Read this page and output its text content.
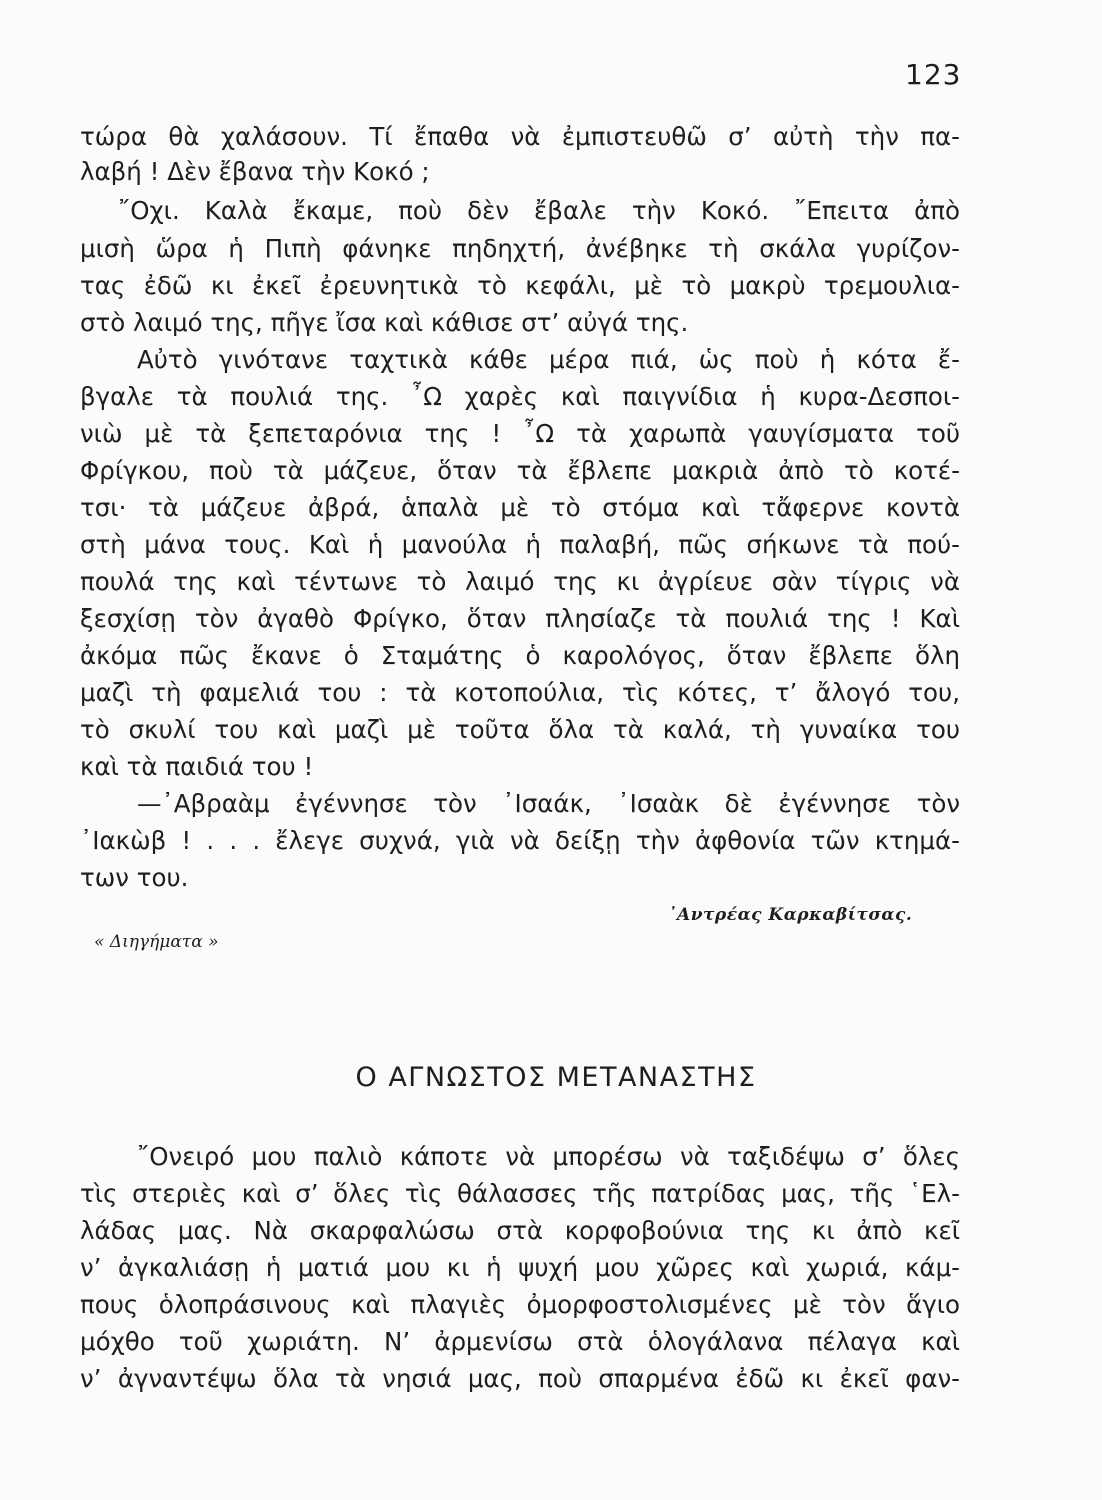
123
τώρα θὰ χαλάσουν. Τί ἔπαθα νὰ ἐμπιστευθῶ σ’ αὐτὴ τὴν πα-
λαβή ! Δὲν ἔβανα τὴν Κοκό ;
῎Οχι. Καλὰ ἔκαμε, ποὺ δὲν ἔβαλε τὴν Κοκό. ῎Επειτα ἀπὸ
μισὴ ὥρα ἡ Πιπὴ φάνηκε πηδηχτή, ἀνέβηκε τὴ σκάλα γυρίζον-
τας ἐδῶ κι ἐκεῖ ἐρευνητικὰ τὸ κεφάλι, μὲ τὸ μακρὺ τρεμουλια-
στὸ λαιμό της, πῆγε ἴσα καὶ κάθισε στ’ αὐγά της.
Αὐτὸ γινότανε ταχτικὰ κάθε μέρα πιά, ὡς ποὺ ἡ κότα ἔ-
βγαλε τὰ πουλιά της. ῏Ω χαρὲς καὶ παιγνίδια ἡ κυρα-Δεσποι-
νιὼ μὲ τὰ ξεπεταρόνια της ! ῏Ω τὰ χαρωπὰ γαυγίσματα τοῦ
Φρίγκου, ποὺ τὰ μάζευε, ὅταν τὰ ἔβλεπε μακριὰ ἀπὸ τὸ κοτέ-
τσι· τὰ μάζευε ἀβρά, ἁπαλὰ μὲ τὸ στόμα καὶ τἄφερνε κοντὰ
στὴ μάνα τους. Καὶ ἡ μανούλα ἡ παλαβή, πῶς σήκωνε τὰ πού-
πουλά της καὶ τέντωνε τὸ λαιμό της κι ἀγρίευε σὰν τίγρις νὰ
ξεσχίσῃ τὸν ἀγαθὸ Φρίγκο, ὅταν πλησίαζε τὰ πουλιά της ! Καὶ
ἀκόμα πῶς ἔκανε ὁ Σταμάτης ὁ καρολόγος, ὅταν ἔβλεπε ὅλη
μαζὶ τὴ φαμελιά του : τὰ κοτοπούλια, τὶς κότες, τ’ ἄλογό του,
τὸ σκυλί του καὶ μαζὶ μὲ τοῦτα ὅλα τὰ καλά, τὴ γυναίκα του
καὶ τὰ παιδιά του !
—᾿Αβραὰμ ἐγέννησε τὸν ᾿Ισαάκ, ᾿Ισαὰκ δὲ ἐγέννησε τὸν
᾿Ιακὼβ ! . . . ἔλεγε συχνά, γιὰ νὰ δείξῃ τὴν ἀφθονία τῶν κτημά-
των του.
᾿Αντρέας Καρκαβίτσας.
« Διηγήματα »
Ο ΑΓΝΩΣΤΟΣ ΜΕΤΑΝΑΣΤΗΣ
῎Ονειρό μου παλιὸ κάποτε νὰ μπορέσω νὰ ταξιδέψω σ’ ὅλες
τὶς στεριὲς καὶ σ’ ὅλες τὶς θάλασσες τῆς πατρίδας μας, τῆς ῾Ελ-
λάδας μας. Νὰ σκαρφαλώσω στὰ κορφοβούνια της κι ἀπὸ κεῖ
ν’ ἀγκαλιάσῃ ἡ ματιά μου κι ἡ ψυχή μου χῶρες καὶ χωριά, κάμ-
πους ὁλοπράσινους καὶ πλαγιὲς ὀμορφοστολισμένες μὲ τὸν ἅγιο
μόχθο τοῦ χωριάτη. Ν’ ἀρμενίσω στὰ ὁλογάλανα πέλαγα καὶ
ν’ ἀγναντέψω ὅλα τὰ νησιά μας, ποὺ σπαρμένα ἐδῶ κι ἐκεῖ φαν-
